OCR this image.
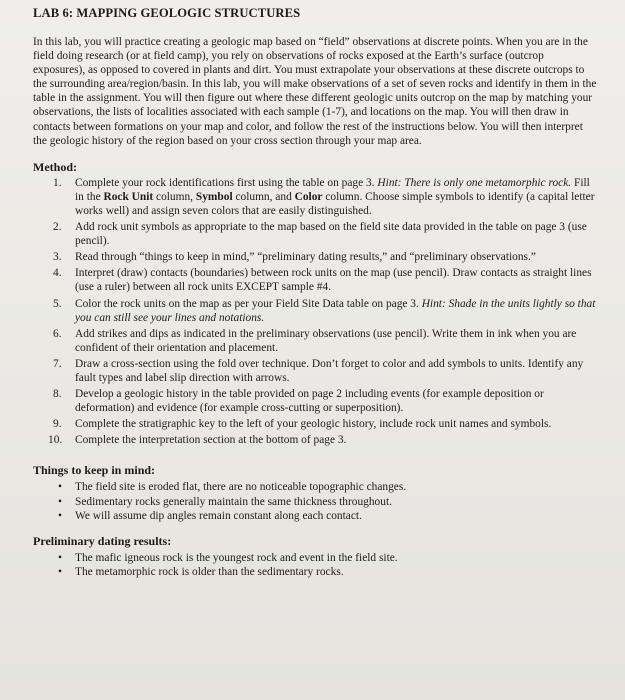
LAB 6: MAPPING GEOLOGIC STRUCTURES

In this lab, you will practice creating a geologic map based on “field” observations at discrete points. When you are in the field doing research (or at field camp), you rely on observations of rocks exposed at the Earth’s surface (outcrop exposures), as opposed to covered in plants and dirt. You must extrapolate your observations at these discrete outcrops to the surrounding area/region/basin. In this lab, you will make observations of a set of seven rocks and identify in them in the table in the assignment. You will then figure out where these different geologic units outcrop on the map by matching your observations, the lists of localities associated with each sample (1-7), and locations on the map. You will then draw in contacts between formations on your map and color, and follow the rest of the instructions below. You will then interpret the geologic history of the region based on your cross section through your map area.

Method:
1. Complete your rock identifications first using the table on page 3. Hint: There is only one metamorphic rock. Fill in the Rock Unit column, Symbol column, and Color column. Choose simple symbols to identify (a capital letter works well) and assign seven colors that are easily distinguished.
2. Add rock unit symbols as appropriate to the map based on the field site data provided in the table on page 3 (use pencil).
3. Read through “things to keep in mind,” “preliminary dating results,” and “preliminary observations.”
4. Interpret (draw) contacts (boundaries) between rock units on the map (use pencil). Draw contacts as straight lines (use a ruler) between all rock units EXCEPT sample #4.
5. Color the rock units on the map as per your Field Site Data table on page 3. Hint: Shade in the units lightly so that you can still see your lines and notations.
6. Add strikes and dips as indicated in the preliminary observations (use pencil). Write them in ink when you are confident of their orientation and placement.
7. Draw a cross-section using the fold over technique. Don’t forget to color and add symbols to units. Identify any fault types and label slip direction with arrows.
8. Develop a geologic history in the table provided on page 2 including events (for example deposition or deformation) and evidence (for example cross-cutting or superposition).
9. Complete the stratigraphic key to the left of your geologic history, include rock unit names and symbols.
10. Complete the interpretation section at the bottom of page 3.
Things to keep in mind:
• The field site is eroded flat, there are no noticeable topographic changes.
• Sedimentary rocks generally maintain the same thickness throughout.
• We will assume dip angles remain constant along each contact.
Preliminary dating results:
• The mafic igneous rock is the youngest rock and event in the field site.
• The metamorphic rock is older than the sedimentary rocks.
